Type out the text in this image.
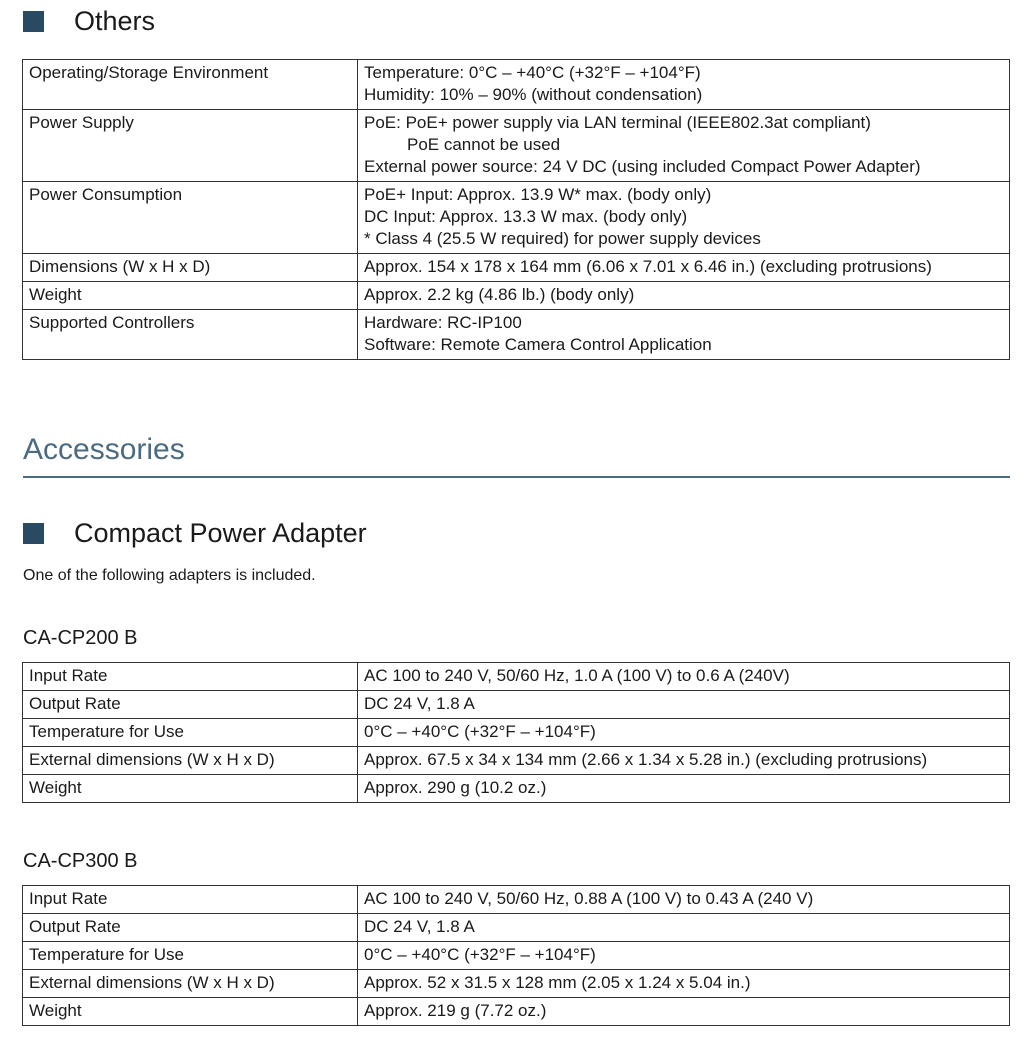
Others
Operating/Storage Environment	Temperature: 0°C – +40°C (+32°F – +104°F)
Humidity: 10% – 90% (without condensation)

Power Supply	PoE: PoE+ power supply via LAN terminal (IEEE802.3at compliant)
PoE cannot be used
External power source: 24 V DC (using included Compact Power Adapter)

Power Consumption	PoE+ Input: Approx. 13.9 W* max. (body only)
DC Input: Approx. 13.3 W max. (body only)
* Class 4 (25.5 W required) for power supply devices

Dimensions (W x H x D)	Approx. 154 x 178 x 164 mm (6.06 x 7.01 x 6.46 in.) (excluding protrusions)

Weight	Approx. 2.2 kg (4.86 lb.) (body only)

Supported Controllers	Hardware: RC-IP100
Software: Remote Camera Control Application
Accessories
Compact Power Adapter

One of the following adapters is included.

CA-CP200 B
Input Rate	AC 100 to 240 V, 50/60 Hz, 1.0 A (100 V) to 0.6 A (240V)
Output Rate	DC 24 V, 1.8 A
Temperature for Use	0°C – +40°C (+32°F – +104°F)
External dimensions (W x H x D)	Approx. 67.5 x 34 x 134 mm (2.66 x 1.34 x 5.28 in.) (excluding protrusions)
Weight	Approx. 290 g (10.2 oz.)
CA-CP300 B
Input Rate	AC 100 to 240 V, 50/60 Hz, 0.88 A (100 V) to 0.43 A (240 V)
Output Rate	DC 24 V, 1.8 A
Temperature for Use	0°C – +40°C (+32°F – +104°F)
External dimensions (W x H x D)	Approx. 52 x 31.5 x 128 mm (2.05 x 1.24 x 5.04 in.)
Weight	Approx. 219 g (7.72 oz.)
